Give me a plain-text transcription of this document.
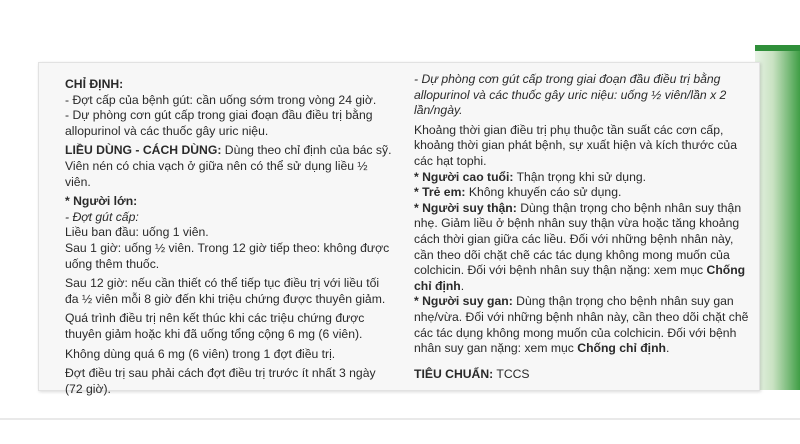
CHỈ ĐỊNH:

- Đợt cấp của bệnh gút: cần uống sớm trong vòng 24 giờ.

- Dự phòng cơn gút cấp trong giai đoạn đầu điều trị bằng allopurinol và các thuốc gây uric niệu.

LIỀU DÙNG - CÁCH DÙNG: Dùng theo chỉ định của bác sỹ.

Viên nén có chia vạch ở giữa nên có thể sử dụng liều ½ viên.

* Người lớn:

- Đợt gút cấp:

Liều ban đầu: uống 1 viên.

Sau 1 giờ: uống ½ viên. Trong 12 giờ tiếp theo: không được uống thêm thuốc.

Sau 12 giờ: nếu cần thiết có thể tiếp tục điều trị với liều tối đa ½ viên mỗi 8 giờ đến khi triệu chứng được thuyên giảm.

Quá trình điều trị nên kết thúc khi các triệu chứng được thuyên giảm hoặc khi đã uống tổng cộng 6 mg (6 viên).

Không dùng quá 6 mg (6 viên) trong 1 đợt điều trị.

Đợt điều trị sau phải cách đợt điều trị trước ít nhất 3 ngày (72 giờ).

- Dự phòng cơn gút cấp trong giai đoạn đầu điều trị bằng allopurinol và các thuốc gây uric niệu: uống ½ viên/lần x 2 lần/ngày.

Khoảng thời gian điều trị phụ thuộc tần suất các cơn cấp, khoảng thời gian phát bệnh, sự xuất hiện và kích thước của các hạt tophi.

* Người cao tuổi: Thận trọng khi sử dụng.

* Trẻ em: Không khuyến cáo sử dụng.

* Người suy thận: Dùng thận trọng cho bệnh nhân suy thận nhẹ. Giảm liều ở bệnh nhân suy thận vừa hoặc tăng khoảng cách thời gian giữa các liều. Đối với những bệnh nhân này, cần theo dõi chặt chẽ các tác dụng không mong muốn của colchicin. Đối với bệnh nhân suy thận nặng: xem mục Chống chỉ định.

* Người suy gan: Dùng thận trọng cho bệnh nhân suy gan nhẹ/vừa. Đối với những bệnh nhân này, cần theo dõi chặt chẽ các tác dụng không mong muốn của colchicin. Đối với bệnh nhân suy gan nặng: xem mục Chống chỉ định.

TIÊU CHUẨN: TCCS
